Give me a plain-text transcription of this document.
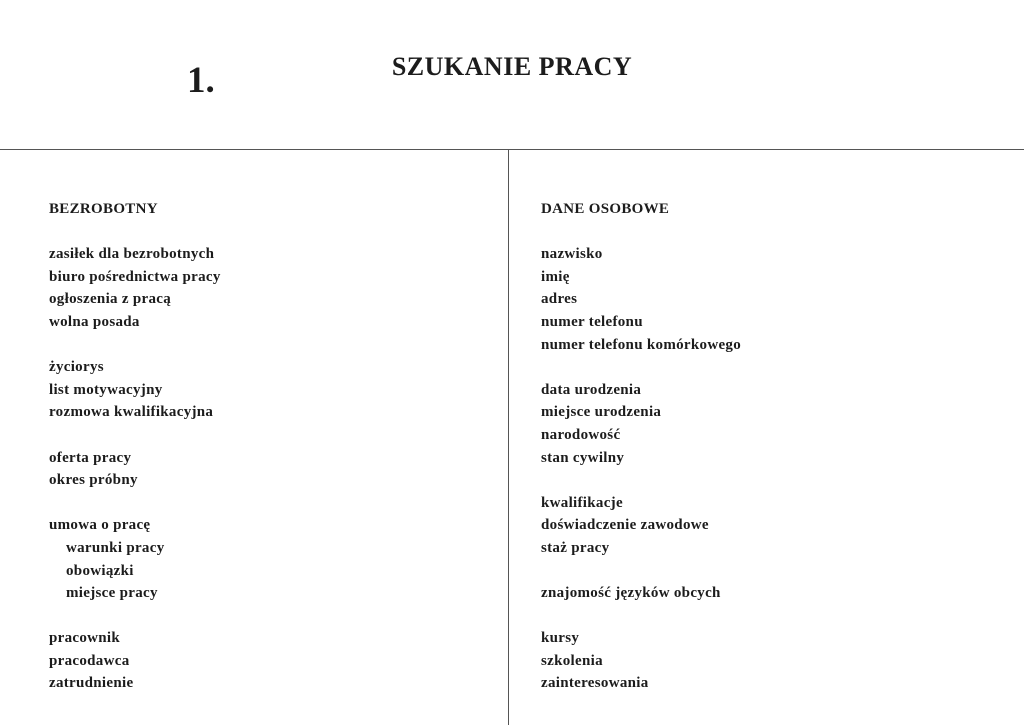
1.	SZUKANIE PRACY
BEZROBOTNY
zasiłek dla bezrobotnych
biuro pośrednictwa pracy
ogłoszenia z pracą
wolna posada
życiorys
list motywacyjny
rozmowa kwalifikacyjna
oferta pracy
okres próbny
umowa o pracę
warunki pracy
obowiązki
miejsce pracy
pracownik
pracodawca
zatrudnienie
DANE OSOBOWE
nazwisko
imię
adres
numer telefonu
numer telefonu komórkowego
data urodzenia
miejsce urodzenia
narodowość
stan cywilny
kwalifikacje
doświadczenie zawodowe
staż pracy
znajomość języków obcych
kursy
szkolenia
zainteresowania
